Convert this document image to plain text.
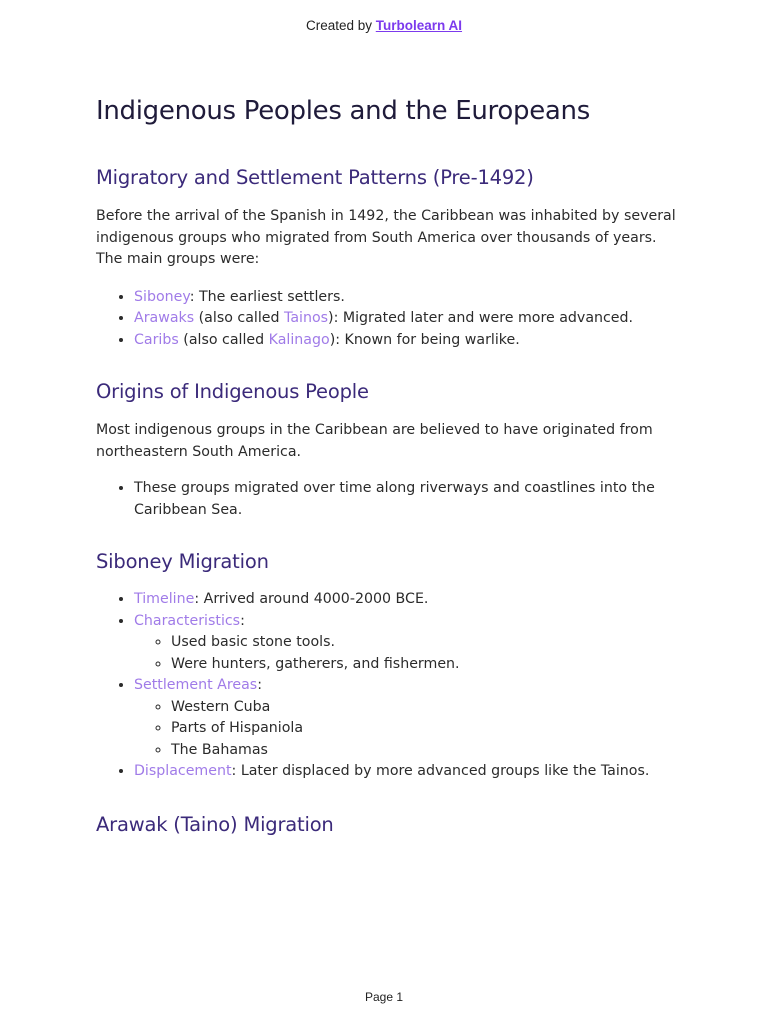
Created by Turbolearn AI
Indigenous Peoples and the Europeans
Migratory and Settlement Patterns (Pre-1492)

Before the arrival of the Spanish in 1492, the Caribbean was inhabited by several indigenous groups who migrated from South America over thousands of years. The main groups were:

• Siboney: The earliest settlers.
• Arawaks (also called Tainos): Migrated later and were more advanced.
• Caribs (also called Kalinago): Known for being warlike.
Origins of Indigenous People

Most indigenous groups in the Caribbean are believed to have originated from northeastern South America.

• These groups migrated over time along riverways and coastlines into the Caribbean Sea.
Siboney Migration
• Timeline: Arrived around 4000-2000 BCE.
• Characteristics:
◦ Used basic stone tools.
◦ Were hunters, gatherers, and fishermen.
• Settlement Areas:
◦ Western Cuba
◦ Parts of Hispaniola
◦ The Bahamas
• Displacement: Later displaced by more advanced groups like the Tainos.
Arawak (Taino) Migration
Page 1
